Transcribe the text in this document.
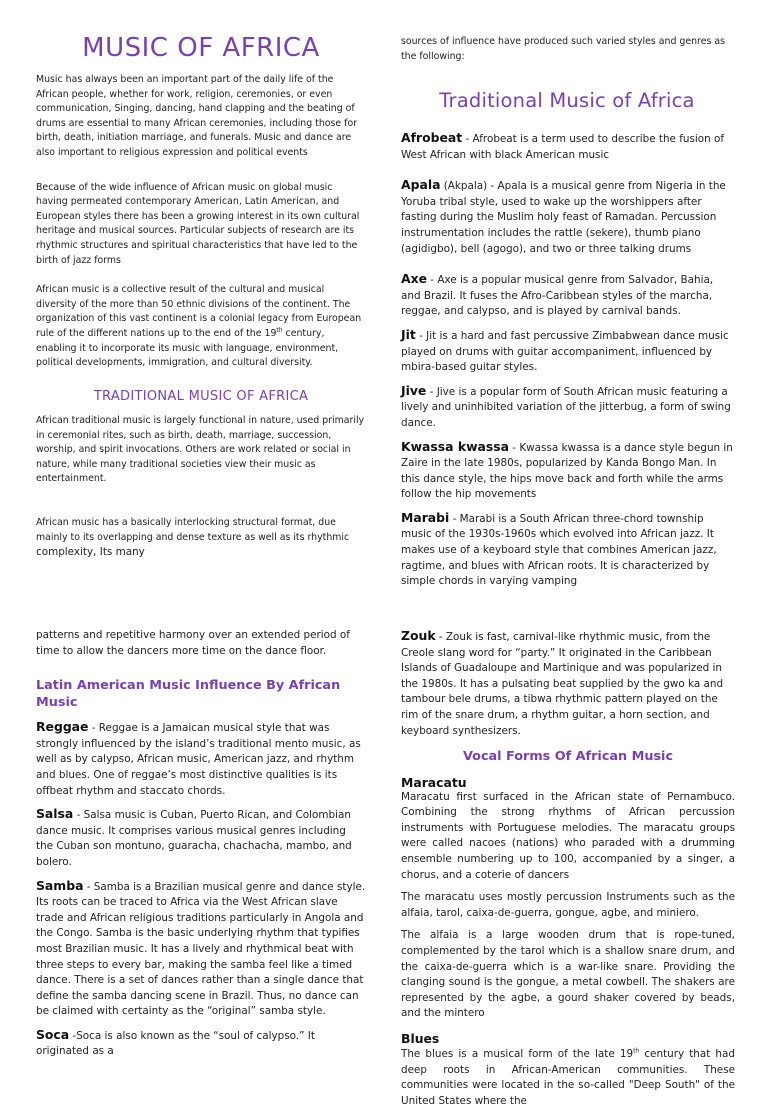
MUSIC OF AFRICA

Music has always been an important part of the daily life of the African people, whether for work, religion, ceremonies, or even communication, Singing, dancing, hand clapping and the beating of drums are essential to many African ceremonies, including those for birth, death, initiation marriage, and funerals. Music and dance are also important to religious expression and political events

Because of the wide influence of African music on global music having permeated contemporary American, Latin American, and European styles there has been a growing interest in its own cultural heritage and musical sources. Particular subjects of research are its rhythmic structures and spiritual characteristics that have led to the birth of jazz forms

African music is a collective result of the cultural and musical diversity of the more than 50 ethnic divisions of the continent. The organization of this vast continent is a colonial legacy from European rule of the different nations up to the end of the 19th century, enabling it to incorporate its music with language, environment, political developments, immigration, and cultural diversity.

TRADITIONAL MUSIC OF AFRICA

African traditional music is largely functional in nature, used primarily in ceremonial rites, such as birth, death, marriage, succession, worship, and spirit invocations. Others are work related or social in nature, while many traditional societies view their music as entertainment.

African music has a basically interlocking structural format, due mainly to its overlapping and dense texture as well as its rhythmic complexity, Its many

sources of influence have produced such varied styles and genres as the following:

Traditional Music of Africa

Afrobeat - Afrobeat is a term used to describe the fusion of West African with black American music

Apala (Akpala) - Apala is a musical genre from Nigeria in the Yoruba tribal style, used to wake up the worshippers after fasting during the Muslim holy feast of Ramadan. Percussion instrumentation includes the rattle (sekere), thumb piano (agidigbo), bell (agogo), and two or three talking drums

Axe - Axe is a popular musical genre from Salvador, Bahia, and Brazil. It fuses the Afro-Caribbean styles of the marcha, reggae, and calypso, and is played by carnival bands.

Jit - Jit is a hard and fast percussive Zimbabwean dance music played on drums with guitar accompaniment, influenced by mbira-based guitar styles.

Jive - Jive is a popular form of South African music featuring a lively and uninhibited variation of the jitterbug, a form of swing dance.

Kwassa kwassa - Kwassa kwassa is a dance style begun in Zaire in the late 1980s, popularized by Kanda Bongo Man. In this dance style, the hips move back and forth while the arms follow the hip movements

Marabi - Marabi is a South African three-chord township music of the 1930s-1960s which evolved into African jazz. It makes use of a keyboard style that combines American jazz, ragtime, and blues with African roots. It is characterized by simple chords in varying vamping

patterns and repetitive harmony over an extended period of time to allow the dancers more time on the dance floor.

Latin American Music Influence By African Music

Reggae - Reggae is a Jamaican musical style that was strongly influenced by the island’s traditional mento music, as well as by calypso, African music, American jazz, and rhythm and blues. One of reggae’s most distinctive qualities is its offbeat rhythm and staccato chords.

Salsa - Salsa music is Cuban, Puerto Rican, and Colombian dance music. It comprises various musical genres including the Cuban son montuno, guaracha, chachacha, mambo, and bolero.

Samba - Samba is a Brazilian musical genre and dance style. Its roots can be traced to Africa via the West African slave trade and African religious traditions particularly in Angola and the Congo. Samba is the basic underlying rhythm that typifies most Brazilian music. It has a lively and rhythmical beat with three steps to every bar, making the samba feel like a timed dance. There is a set of dances rather than a single dance that define the samba dancing scene in Brazil. Thus, no dance can be claimed with certainty as the “original” samba style.

Soca -Soca is also known as the “soul of calypso.” It originated as a

Zouk - Zouk is fast, carnival-like rhythmic music, from the Creole slang word for “party.” It originated in the Caribbean Islands of Guadaloupe and Martinique and was popularized in the 1980s. It has a pulsating beat supplied by the gwo ka and tambour bele drums, a tibwa rhythmic pattern played on the rim of the snare drum, a rhythm guitar, a horn section, and keyboard synthesizers.

Vocal Forms Of African Music

Maracatu

Maracatu first surfaced in the African state of Pernambuco. Combining the strong rhythms of African percussion instruments with Portuguese melodies. The maracatu groups were called nacoes (nations) who paraded with a drumming ensemble numbering up to 100, accompanied by a singer, a chorus, and a coterie of dancers

The maracatu uses mostly percussion Instruments such as the alfaia, tarol, caixa-de-guerra, gongue, agbe, and miniero.

The alfaia is a large wooden drum that is rope-tuned, complemented by the tarol which is a shallow snare drum, and the caixa-de-guerra which is a war-like snare. Providing the clanging sound is the gongue, a metal cowbell. The shakers are represented by the agbe, a gourd shaker covered by beads, and the mintero

Blues

The blues is a musical form of the late 19th century that had deep roots in African-American communities. These communities were located in the so-called "Deep South" of the United States where the
